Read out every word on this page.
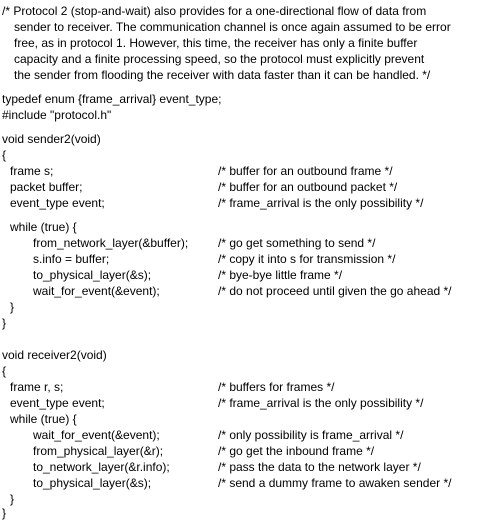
/* Protocol 2 (stop-and-wait) also provides for a one-directional flow of data from
sender to receiver. The communication channel is once again assumed to be error
free, as in protocol 1. However, this time, the receiver has only a finite buffer
capacity and a finite processing speed, so the protocol must explicitly prevent
the sender from flooding the receiver with data faster than it can be handled. */
typedef enum {frame_arrival} event_type;
#include "protocol.h"
void sender2(void)
{
frame s;	/* buffer for an outbound frame */
packet buffer;	/* buffer for an outbound packet */
event_type event;	/* frame_arrival is the only possibility */
while (true) {
from_network_layer(&buffer); /* go get something to send */
s.info = buffer;	/* copy it into s for transmission */
to_physical_layer(&s);	/* bye-bye little frame */
wait_for_event(&event);	/* do not proceed until given the go ahead */
}
}
void receiver2(void)
{
frame r, s;	/* buffers for frames */
event_type event;	/* frame_arrival is the only possibility */
while (true) {
wait_for_event(&event);	/* only possibility is frame_arrival */
from_physical_layer(&r);	/* go get the inbound frame */
to_network_layer(&r.info);	/* pass the data to the network layer */
to_physical_layer(&s);	/* send a dummy frame to awaken sender */
}
}
